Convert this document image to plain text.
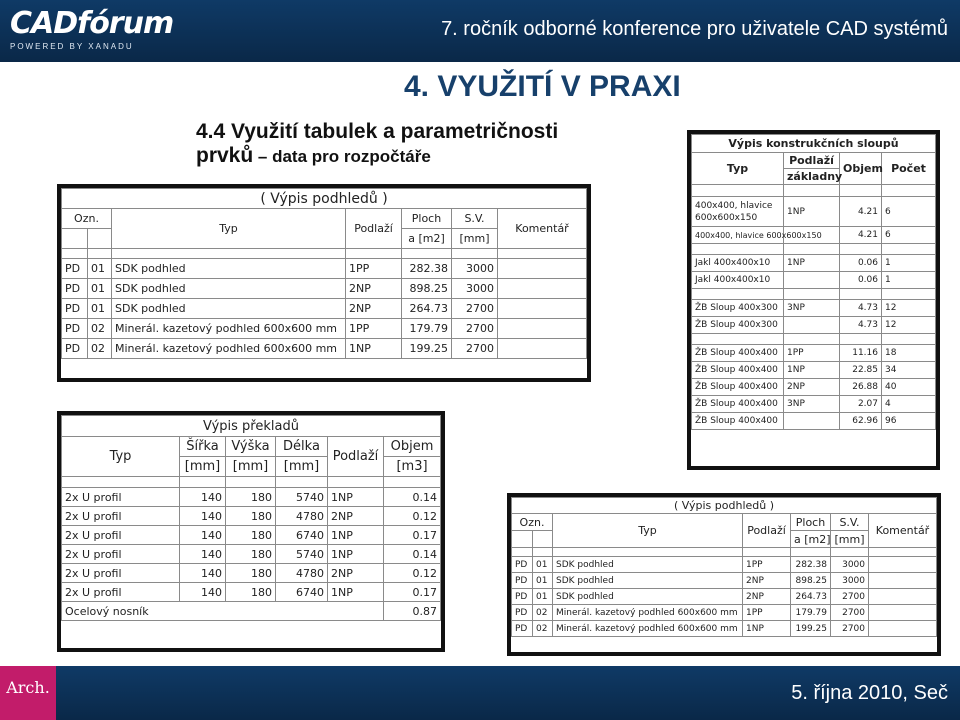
CADfórum
POWERED BY XANADU
7. ročník odborné konference pro uživatele CAD systémů
4. VYUŽITÍ V PRAXI
4.4 Využití tabulek a parametričnosti
prvků – data pro rozpočtáře
( Výpis podhledů )						
Ozn.		Typ	Podlaží	Ploch	S.V.	Komentář
				a [m2]	[mm]	

PD	01	SDK podhled	1PP	282.38	3000	
PD	01	SDK podhled	2NP	898.25	3000	
PD	01	SDK podhled	2NP	264.73	2700	
PD	02	Minerál. kazetový podhled 600x600 mm	1PP	179.79	2700	
PD	02	Minerál. kazetový podhled 600x600 mm	1NP	199.25	2700	
Výpis konstrukčních sloupů			
Typ	Podlaží	Objem	Počet
	základny		

400x400, hlavice 600x600x150	1NP	4.21	6
400x400, hlavice 600x600x150		4.21	6

Jakl 400x400x10	1NP	0.06	1
Jakl 400x400x10		0.06	1

ŽB Sloup 400x300	3NP	4.73	12
ŽB Sloup 400x300		4.73	12

ŽB Sloup 400x400	1PP	11.16	18
ŽB Sloup 400x400	1NP	22.85	34
ŽB Sloup 400x400	2NP	26.88	40
ŽB Sloup 400x400	3NP	2.07	4
ŽB Sloup 400x400		62.96	96
Výpis překladů					
Typ	Šířka	Výška	Délka	Podlaží	Objem
	[mm]	[mm]	[mm]		[m3]

2x U profil	140	180	5740	1NP	0.14
2x U profil	140	180	4780	2NP	0.12
2x U profil	140	180	6740	1NP	0.17
2x U profil	140	180	5740	1NP	0.14
2x U profil	140	180	4780	2NP	0.12
2x U profil	140	180	6740	1NP	0.17
Ocelový nosník					0.87
( Výpis podhledů )						
Ozn.		Typ	Podlaží	Ploch	S.V.	Komentář
				a [m2]	[mm]	

PD	01	SDK podhled	1PP	282.38	3000	
PD	01	SDK podhled	2NP	898.25	3000	
PD	01	SDK podhled	2NP	264.73	2700	
PD	02	Minerál. kazetový podhled 600x600 mm	1PP	179.79	2700	
PD	02	Minerál. kazetový podhled 600x600 mm	1NP	199.25	2700	
Arch.	5. října 2010, Seč
